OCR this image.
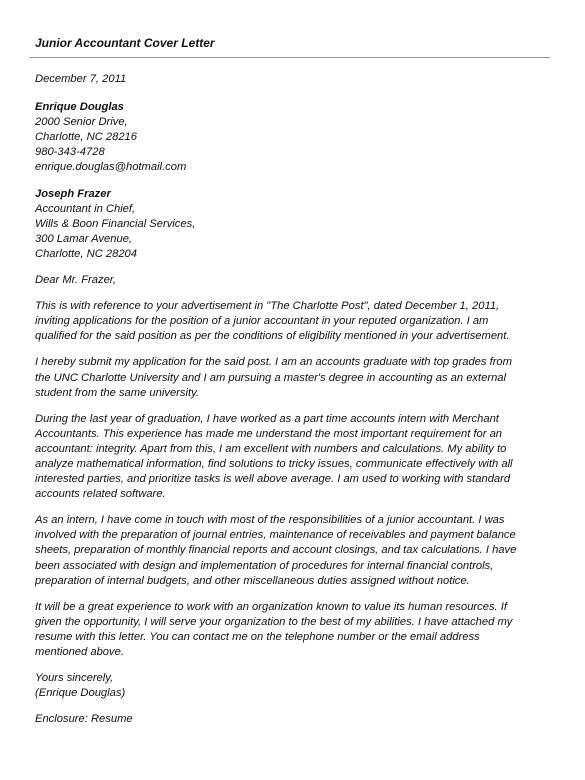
Junior Accountant Cover Letter
December 7, 2011
Enrique Douglas
2000 Senior Drive,
Charlotte, NC 28216
980-343-4728
enrique.douglas@hotmail.com
Joseph Frazer
Accountant in Chief,
Wills & Boon Financial Services,
300 Lamar Avenue,
Charlotte, NC 28204
Dear Mr. Frazer,
This is with reference to your advertisement in "The Charlotte Post", dated December 1, 2011,
inviting applications for the position of a junior accountant in your reputed organization. I am
qualified for the said position as per the conditions of eligibility mentioned in your advertisement.
I hereby submit my application for the said post. I am an accounts graduate with top grades from
the UNC Charlotte University and I am pursuing a master's degree in accounting as an external
student from the same university.
During the last year of graduation, I have worked as a part time accounts intern with Merchant
Accountants. This experience has made me understand the most important requirement for an
accountant: integrity. Apart from this, I am excellent with numbers and calculations. My ability to
analyze mathematical information, find solutions to tricky issues, communicate effectively with all
interested parties, and prioritize tasks is well above average. I am used to working with standard
accounts related software.
As an intern, I have come in touch with most of the responsibilities of a junior accountant. I was
involved with the preparation of journal entries, maintenance of receivables and payment balance
sheets, preparation of monthly financial reports and account closings, and tax calculations. I have
been associated with design and implementation of procedures for internal financial controls,
preparation of internal budgets, and other miscellaneous duties assigned without notice.
It will be a great experience to work with an organization known to value its human resources. If
given the opportunity, I will serve your organization to the best of my abilities. I have attached my
resume with this letter. You can contact me on the telephone number or the email address
mentioned above.
Yours sincerely,
(Enrique Douglas)
Enclosure: Resume
